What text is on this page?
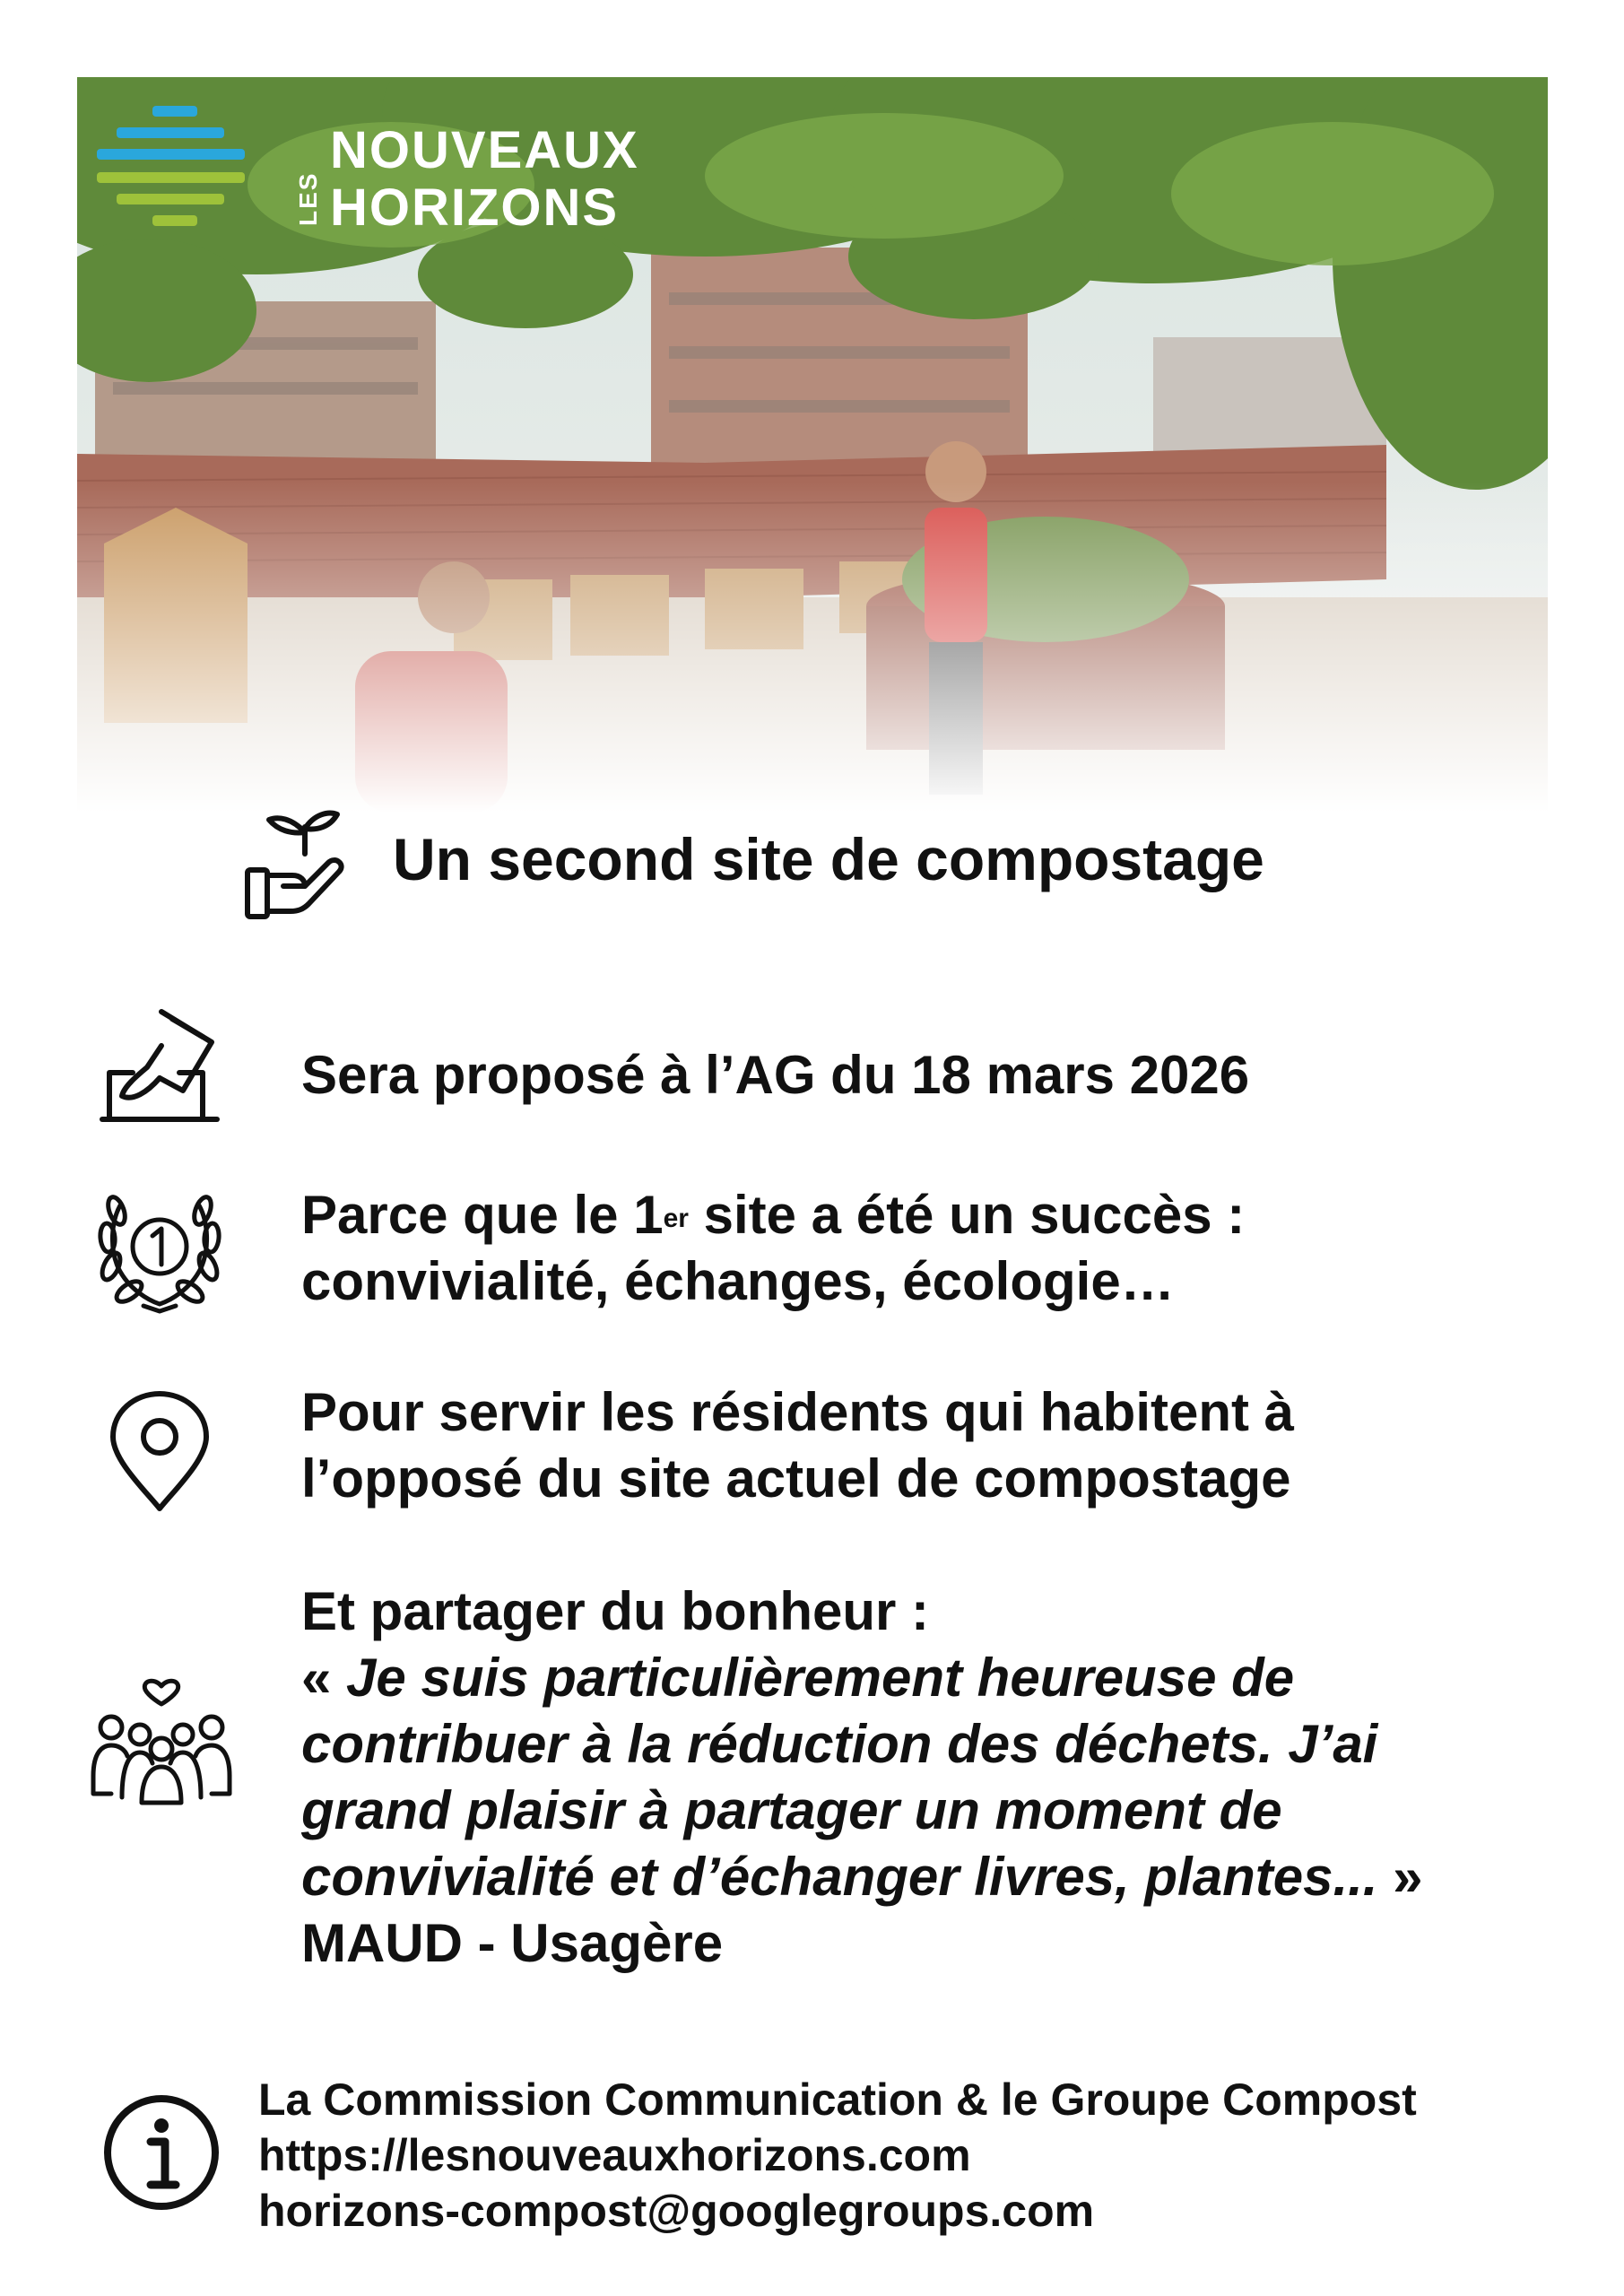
LES
NOUVEAUX
HORIZONS
Un second site de compostage
Sera proposé à l’AG du 18 mars 2026
Parce que le 1er site a été un succès :
convivialité, échanges, écologie…
Pour servir les résidents qui habitent à
l’opposé du site actuel de compostage
Et partager du bonheur :
« Je suis particulièrement heureuse de
contribuer à la réduction des déchets. J’ai
grand plaisir à partager un moment de
convivialité et d’échanger livres, plantes... »
MAUD - Usagère
La Commission Communication & le Groupe Compost
https://lesnouveauxhorizons.com
horizons-compost@googlegroups.com
